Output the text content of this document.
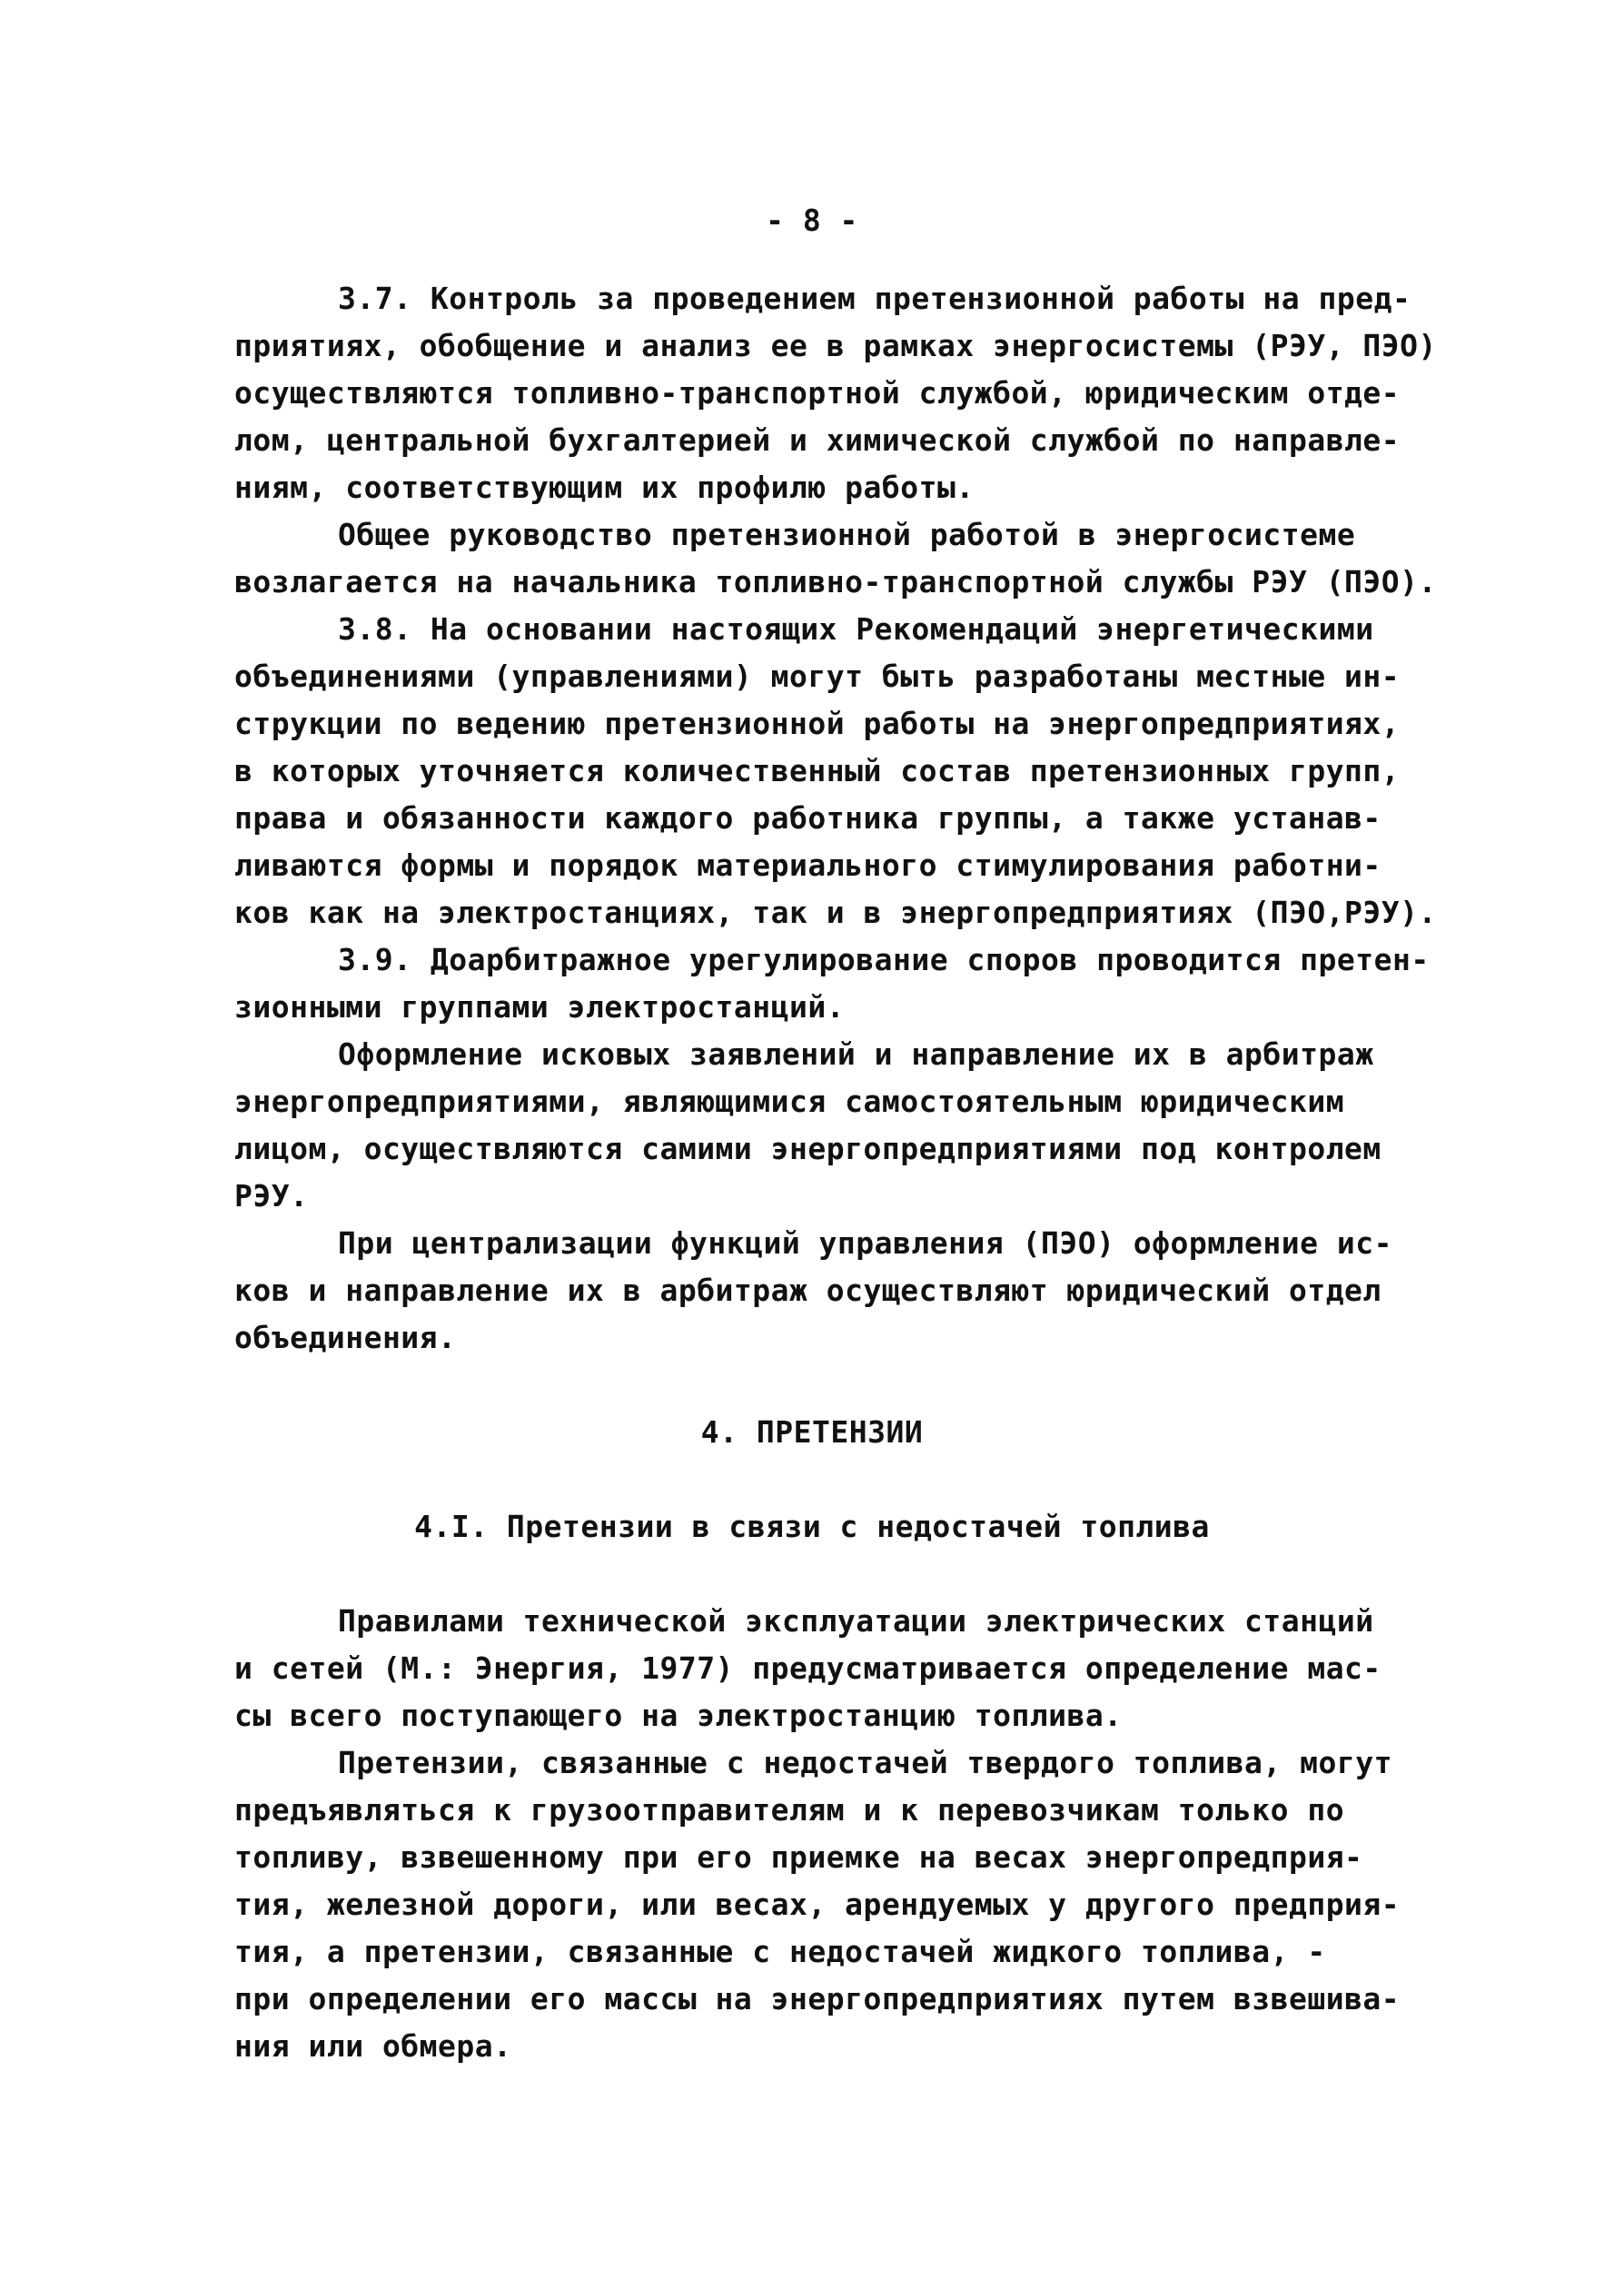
- 8 -
3.7. Контроль за проведением претензионной работы на пред-
приятиях, обобщение и анализ ее в рамках энергосистемы (РЭУ, ПЭО)
осуществляются топливно-транспортной службой, юридическим отде-
лом, центральной бухгалтерией и химической службой по направле-
ниям, соответствующим их профилю работы.
Общее руководство претензионной работой в энергосистеме
возлагается на начальника топливно-транспортной службы РЭУ (ПЭО).
3.8. На основании настоящих Рекомендаций энергетическими
объединениями (управлениями) могут быть разработаны местные ин-
струкции по ведению претензионной работы на энергопредприятиях,
в которых уточняется количественный состав претензионных групп,
права и обязанности каждого работника группы, а также устанав-
ливаются формы и порядок материального стимулирования работни-
ков как на электростанциях, так и в энергопредприятиях (ПЭО,РЭУ).
3.9. Доарбитражное урегулирование споров проводится претен-
зионными группами электростанций.
Оформление исковых заявлений и направление их в арбитраж
энергопредприятиями, являющимися самостоятельным юридическим
лицом, осуществляются самими энергопредприятиями под контролем
РЭУ.
При централизации функций управления (ПЭО) оформление ис-
ков и направление их в арбитраж осуществляют юридический отдел
объединения.
4. ПРЕТЕНЗИИ
4.I. Претензии в связи с недостачей топлива
Правилами технической эксплуатации электрических станций
и сетей (М.: Энергия, 1977) предусматривается определение мас-
сы всего поступающего на электростанцию топлива.
Претензии, связанные с недостачей твердого топлива, могут
предъявляться к грузоотправителям и к перевозчикам только по
топливу, взвешенному при его приемке на весах энергопредприя-
тия, железной дороги, или весах, арендуемых у другого предприя-
тия, а претензии, связанные с недостачей жидкого топлива, -
при определении его массы на энергопредприятиях путем взвешива-
ния или обмера.
